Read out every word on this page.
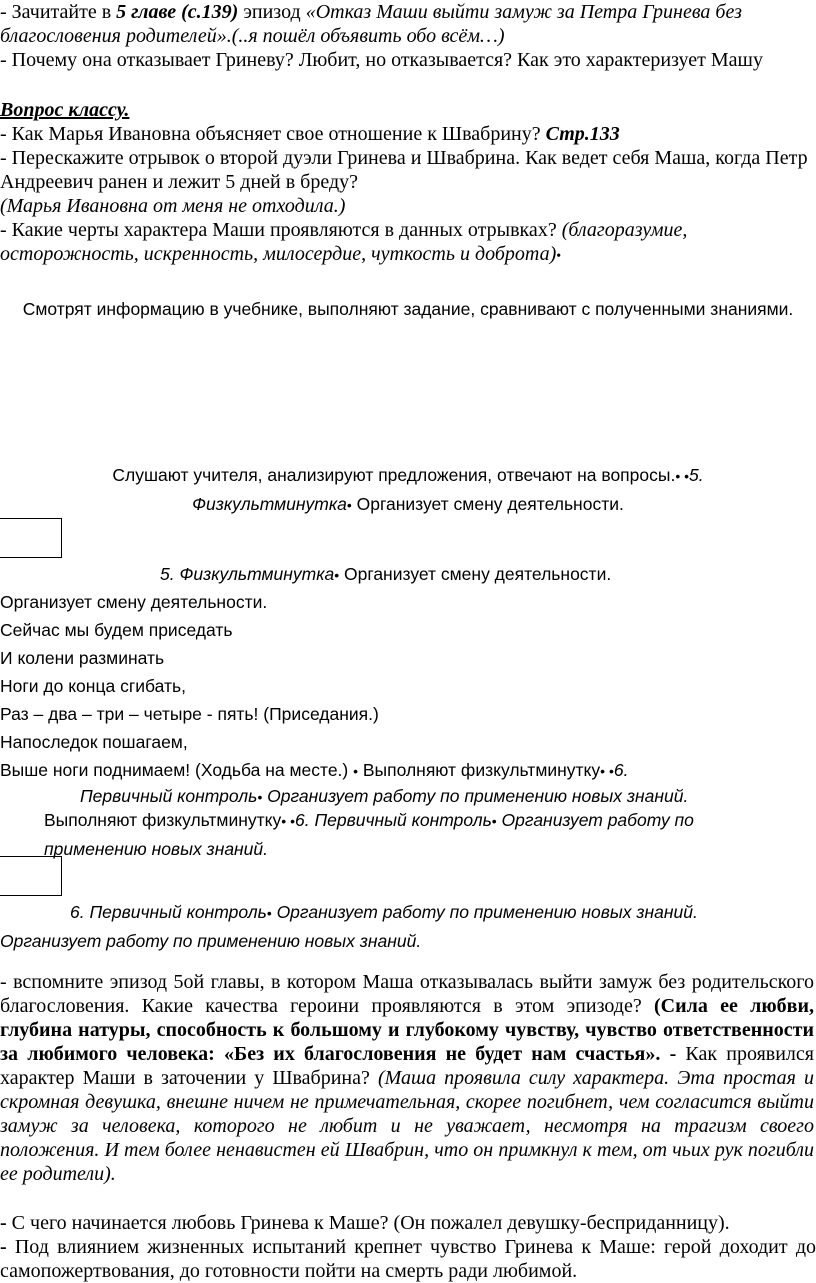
- Зачитайте в 5 главе (с.139) эпизод «Отказ Маши выйти замуж за Петра Гринева без благословения родителей».(..я пошёл объявить обо всём…)

- Почему она отказывает Гриневу? Любит, но отказывается? Как это характеризует Машу

Вопрос классу.

- Как Марья Ивановна объясняет свое отношение к Швабрину? Стр.133

- Перескажите отрывок о второй дуэли Гринева и Швабрина. Как ведет себя Маша, когда Петр Андреевич ранен и лежит 5 дней в бреду?

(Марья Ивановна от меня не отходила.)

- Какие черты характера Маши проявляются в данных отрывках? (благоразумие, осторожность, искренность, милосердие, чуткость и доброта)•

Смотрят информацию в учебнике, выполняют задание, сравнивают с полученными знаниями.
Слушают учителя, анализируют предложения, отвечают на вопросы.• •5.
Физкультминутка• Организует смену деятельности.
5. Физкультминутка• Организует смену деятельности.

Организует смену деятельности.

Сейчас мы будем приседать

И колени разминать

Ноги до конца сгибать,

Раз – два – три – четыре - пять! (Приседания.)

Напоследок пошагаем,

Выше ноги поднимаем! (Ходьба на месте.) • Выполняют физкультминутку• •6.

Первичный контроль• Организует работу по применению новых знаний.
Выполняют физкультминутку• •6. Первичный контроль• Организует работу по применению новых знаний.

6. Первичный контроль• Организует работу по применению новых знаний.

Организует работу по применению новых знаний.

- вспомните эпизод 5ой главы, в котором Маша отказывалась выйти замуж без родительского благословения. Какие качества героини проявляются в этом эпизоде? (Сила ее любви, глубина натуры, способность к большому и глубокому чувству, чувство ответственности за любимого человека: «Без их благословения не будет нам счастья». - Как проявился характер Маши в заточении у Швабрина? (Маша проявила силу характера. Эта простая и скромная девушка, внешне ничем не примечательная, скорее погибнет, чем согласится выйти замуж за человека, которого не любит и не уважает, несмотря на трагизм своего положения. И тем более ненавистен ей Швабрин, что он примкнул к тем, от чьих рук погибли ее родители).

- С чего начинается любовь Гринева к Маше? (Он пожалел девушку-бесприданницу).

- Под влиянием жизненных испытаний крепнет чувство Гринева к Маше: герой доходит до самопожертвования, до готовности пойти на смерть ради любимой.
